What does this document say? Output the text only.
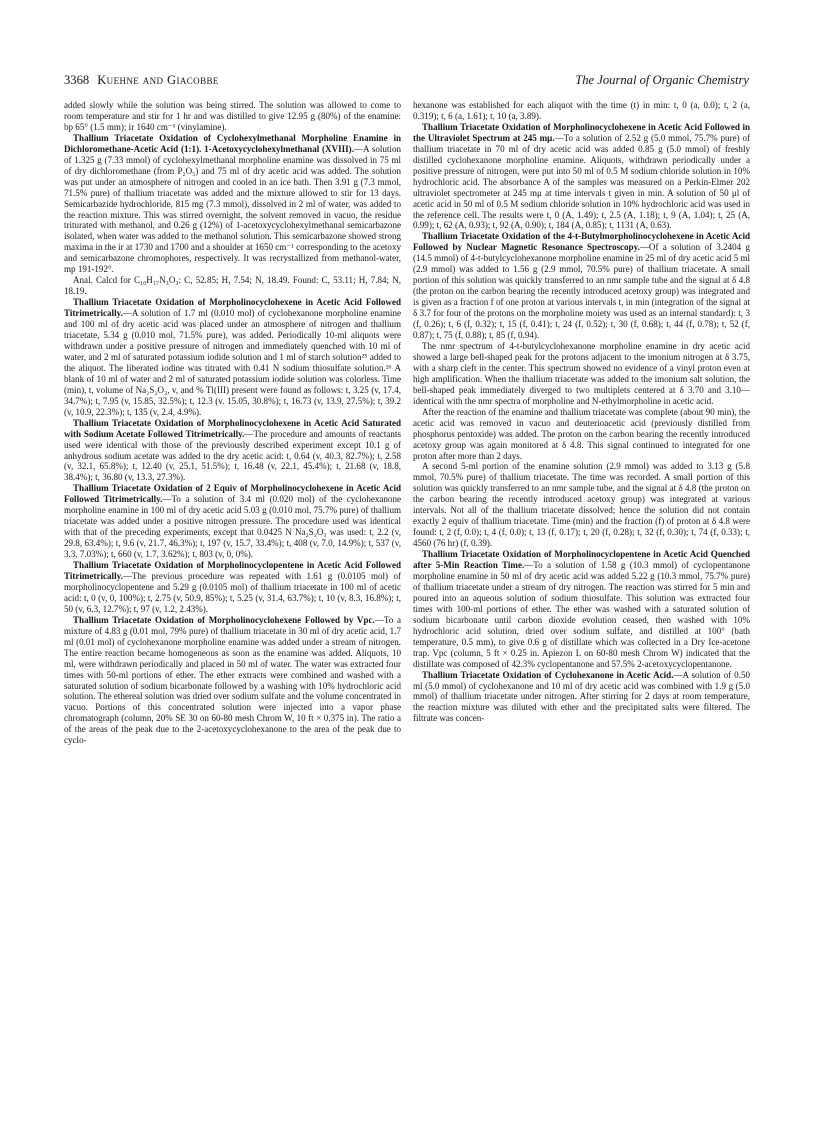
3368 Kuehne and Giacobbe	The Journal of Organic Chemistry

added slowly while the solution was being stirred. The solution was allowed to come to room temperature and stir for 1 hr and was distilled to give 12.95 g (80%) of the enamine: bp 65° (1.5 mm); ir 1640 cm⁻¹ (vinylamine).

Thallium Triacetate Oxidation of Cyclohexylmethanal Morpholine Enamine in Dichloromethane-Acetic Acid (1:1). 1-Acetoxycyclohexylmethanal (XVIII).—A solution of 1.325 g (7.33 mmol) of cyclohexylmethanal morpholine enamine was dissolved in 75 ml of dry dichloromethane (from P₂O₅) and 75 ml of dry acetic acid was added. The solution was put under an atmosphere of nitrogen and cooled in an ice bath. Then 3.91 g (7.3 mmol, 71.5% pure) of thallium triacetate was added and the mixture allowed to stir for 13 days. Semicarbazide hydrochloride, 815 mg (7.3 mmol), dissolved in 2 ml of water, was added to the reaction mixture. This was stirred overnight, the solvent removed in vacuo, the residue triturated with methanol, and 0.26 g (12%) of 1-acetoxycyclohexylmethanal semicarbazone isolated, when water was added to the methanol solution. This semicarbazone showed strong maxima in the ir at 1730 and 1700 and a shoulder at 1650 cm⁻¹ corresponding to the acetoxy and semicarbazone chromophores, respectively. It was recrystallized from methanol-water, mp 191-192°.

Anal. Calcd for C₁₀H₁₇N₃O₃: C, 52.85; H, 7.54; N, 18.49. Found: C, 53.11; H, 7.84; N, 18.19.

Thallium Triacetate Oxidation of Morpholinocyclohexene in Acetic Acid Followed Titrimetrically.—A solution of 1.7 ml (0.010 mol) of cyclohexanone morpholine enamine and 100 ml of dry acetic acid was placed under an atmosphere of nitrogen and thallium triacetate, 5.34 g (0.010 mol, 71.5% pure), was added. Periodically 10-ml aliquots were withdrawn under a positive pressure of nitrogen and immediately quenched with 10 ml of water, and 2 ml of saturated potassium iodide solution and 1 ml of starch solution²⁵ added to the aliquot. The liberated iodine was titrated with 0.41 N sodium thiosulfate solution.²⁶ A blank of 10 ml of water and 2 ml of saturated potassium iodide solution was colorless. Time (min), t, volume of Na₂S₂O₃, v, and % Tl(III) present were found as follows: t, 3.25 (v, 17.4, 34.7%); t, 7.95 (v, 15.85, 32.5%); t, 12.3 (v. 15.05, 30.8%); t, 16.73 (v, 13.9, 27.5%); t, 39.2 (v, 10.9, 22.3%); t, 135 (v, 2.4, 4.9%).

Thallium Triacetate Oxidation of Morpholinocyclohexene in Acetic Acid Saturated with Sodium Acetate Followed Titrimetrically.—The procedure and amounts of reactants used were identical with those of the previously described experiment except 10.1 g of anhydrous sodium acetate was added to the dry acetic acid: t, 0.64 (v, 40.3, 82.7%); t, 2.58 (v, 32.1, 65.8%); t, 12.40 (v, 25.1, 51.5%); t, 16.48 (v, 22.1, 45.4%); t, 21.68 (v, 18.8, 38.4%); t, 36.80 (v, 13.3, 27.3%).

Thallium Triacetate Oxidation of 2 Equiv of Morpholinocyclohexene in Acetic Acid Followed Titrimetrically.—To a solution of 3.4 ml (0.020 mol) of the cyclohexanone morpholine enamine in 100 ml of dry acetic acid 5.03 g (0.010 mol, 75.7% pure) of thallium triacetate was added under a positive nitrogen pressure. The procedure used was identical with that of the preceding experiments, except that 0.0425 N Na₂S₂O₃ was used: t, 2.2 (v, 29.8, 63.4%); t, 9.6 (v, 21.7, 46.3%); t, 197 (v, 15.7, 33.4%); t, 408 (v, 7.0, 14.9%); t, 537 (v, 3.3, 7.03%); t, 660 (v, 1.7, 3.62%); t, 803 (v, 0, 0%).

Thallium Triacetate Oxidation of Morpholinocyclopentene in Acetic Acid Followed Titrimetrically.—The previous procedure was repeated with 1.61 g (0.0105 mol) of morpholinocyclopentene and 5.29 g (0.0105 mol) of thallium triacetate in 100 ml of acetic acid: t, 0 (v, 0, 100%); t, 2.75 (v, 50.9, 85%); t, 5.25 (v, 31.4, 63.7%); t, 10 (v, 8.3, 16.8%); t, 50 (v, 6.3, 12.7%); t, 97 (v, 1.2, 2.43%).

Thallium Triacetate Oxidation of Morpholinocyclohexene Followed by Vpc.—To a mixture of 4.83 g (0.01 mol, 79% pure) of thallium triacetate in 30 ml of dry acetic acid, 1.7 ml (0.01 mol) of cyclohexanone morpholine enamine was added under a stream of nitrogen. The entire reaction became homogeneous as soon as the enamine was added. Aliquots, 10 ml, were withdrawn periodically and placed in 50 ml of water. The water was extracted four times with 50-ml portions of ether. The ether extracts were combined and washed with a saturated solution of sodium bicarbonate followed by a washing with 10% hydrochloric acid solution. The ethereal solution was dried over sodium sulfate and the volume concentrated in vacuo. Portions of this concentrated solution were injected into a vapor phase chromatograph (column, 20% SE 30 on 60-80 mesh Chrom W, 10 ft × 0.375 in). The ratio a of the areas of the peak due to the 2-acetoxycyclohexanone to the area of the peak due to cyclo-

hexanone was established for each aliquot with the time (t) in min: t, 0 (a, 0.0); t, 2 (a, 0.319); t, 6 (a, 1.61); t, 10 (a, 3.89).

Thallium Triacetate Oxidation of Morpholinocyclohexene in Acetic Acid Followed in the Ultraviolet Spectrum at 245 mμ.—To a solution of 2.52 g (5.0 mmol, 75.7% pure) of thallium triacetate in 70 ml of dry acetic acid was added 0.85 g (5.0 mmol) of freshly distilled cyclohexanone morpholine enamine. Aliquots, withdrawn periodically under a positive pressure of nitrogen, were put into 50 ml of 0.5 M sodium chloride solution in 10% hydrochloric acid. The absorbance A of the samples was measured on a Perkin-Elmer 202 ultraviolet spectrometer at 245 mμ at time intervals t given in min. A solution of 50 μl of acetic acid in 50 ml of 0.5 M sodium chloride solution in 10% hydrochloric acid was used in the reference cell. The results were t, 0 (A, 1.49); t, 2.5 (A, 1.18); t, 9 (A, 1.04); t, 25 (A, 0.99); t, 62 (A, 0.93); t, 92 (A, 0.90); t, 184 (A, 0.85); t, 1131 (A, 0.63).

Thallium Triacetate Oxidation of the 4-t-Butylmorpholinocyclohexene in Acetic Acid Followed by Nuclear Magnetic Resonance Spectroscopy.—Of a solution of 3.2404 g (14.5 mmol) of 4-t-butylcyclohexanone morpholine enamine in 25 ml of dry acetic acid 5 ml (2.9 mmol) was added to 1.56 g (2.9 mmol, 70.5% pure) of thallium triacetate. A small portion of this solution was quickly transferred to an nmr sample tube and the signal at δ 4.8 (the proton on the carbon bearing the recently introduced acetoxy group) was integrated and is given as a fraction f of one proton at various intervals t, in min (integration of the signal at δ 3.7 for four of the protons on the morpholine moiety was used as an internal standard): t, 3 (f, 0.26); t, 6 (f, 0.32); t, 15 (f, 0.41); t, 24 (f, 0.52); t, 30 (f, 0.68); t, 44 (f, 0.78); t, 52 (f, 0.87); t, 75 (f, 0.88); t, 85 (f, 0.94).

The nmr spectrum of 4-t-butylcyclohexanone morpholine enamine in dry acetic acid showed a large bell-shaped peak for the protons adjacent to the imonium nitrogen at δ 3.75, with a sharp cleft in the center. This spectrum showed no evidence of a vinyl proton even at high amplification. When the thallium triacetate was added to the imonium salt solution, the bell-shaped peak immediately diverged to two multiplets centered at δ 3.70 and 3.10—identical with the nmr spectra of morpholine and N-ethylmorpholine in acetic acid.

After the reaction of the enamine and thallium triacetate was complete (about 90 min), the acetic acid was removed in vacuo and deuterioacetic acid (previously distilled from phosphorus pentoxide) was added. The proton on the carbon bearing the recently introduced acetoxy group was again monitored at δ 4.8. This signal continued to integrated for one proton after more than 2 days.

A second 5-ml portion of the enamine solution (2.9 mmol) was added to 3.13 g (5.8 mmol, 70.5% pure) of thallium triacetate. The time was recorded. A small portion of this solution was quickly transferred to an nmr sample tube, and the signal at δ 4.8 (the proton on the carbon bearing the recently introduced acetoxy group) was integrated at various intervals. Not all of the thallium triacetate dissolved; hence the solution did not contain exactly 2 equiv of thallium triacetate. Time (min) and the fraction (f) of proton at δ 4.8 were found: t, 2 (f, 0.0); t, 4 (f, 0.0); t, 13 (f, 0.17); t, 20 (f, 0.28); t, 32 (f, 0.30); t, 74 (f, 0.33); t, 4560 (76 hr) (f, 0.39).

Thallium Triacetate Oxidation of Morpholinocyclopentene in Acetic Acid Quenched after 5-Min Reaction Time.—To a solution of 1.58 g (10.3 mmol) of cyclopentanone morpholine enamine in 50 ml of dry acetic acid was added 5.22 g (10.3 mmol, 75.7% pure) of thallium triacetate under a stream of dry nitrogen. The reaction was stirred for 5 min and poured into an aqueous solution of sodium thiosulfate. This solution was extracted four times with 100-ml portions of ether. The ether was washed with a saturated solution of sodium bicarbonate until carbon dioxide evolution ceased, then washed with 10% hydrochloric acid solution, dried over sodium sulfate, and distilled at 100° (bath temperature, 0.5 mm), to give 0.6 g of distillate which was collected in a Dry Ice-acetone trap. Vpc (column, 5 ft × 0.25 in. Apiezon L on 60-80 mesh Chrom W) indicated that the distillate was composed of 42.3% cyclopentanone and 57.5% 2-acetoxycyclopentanone.

Thallium Triacetate Oxidation of Cyclohexanone in Acetic Acid.—A solution of 0.50 ml (5.0 mmol) of cyclohexanone and 10 ml of dry acetic acid was combined with 1.9 g (5.0 mmol) of thallium triacetate under nitrogen. After stirring for 2 days at room temperature, the reaction mixture was diluted with ether and the precipitated salts were filtered. The filtrate was concen-
